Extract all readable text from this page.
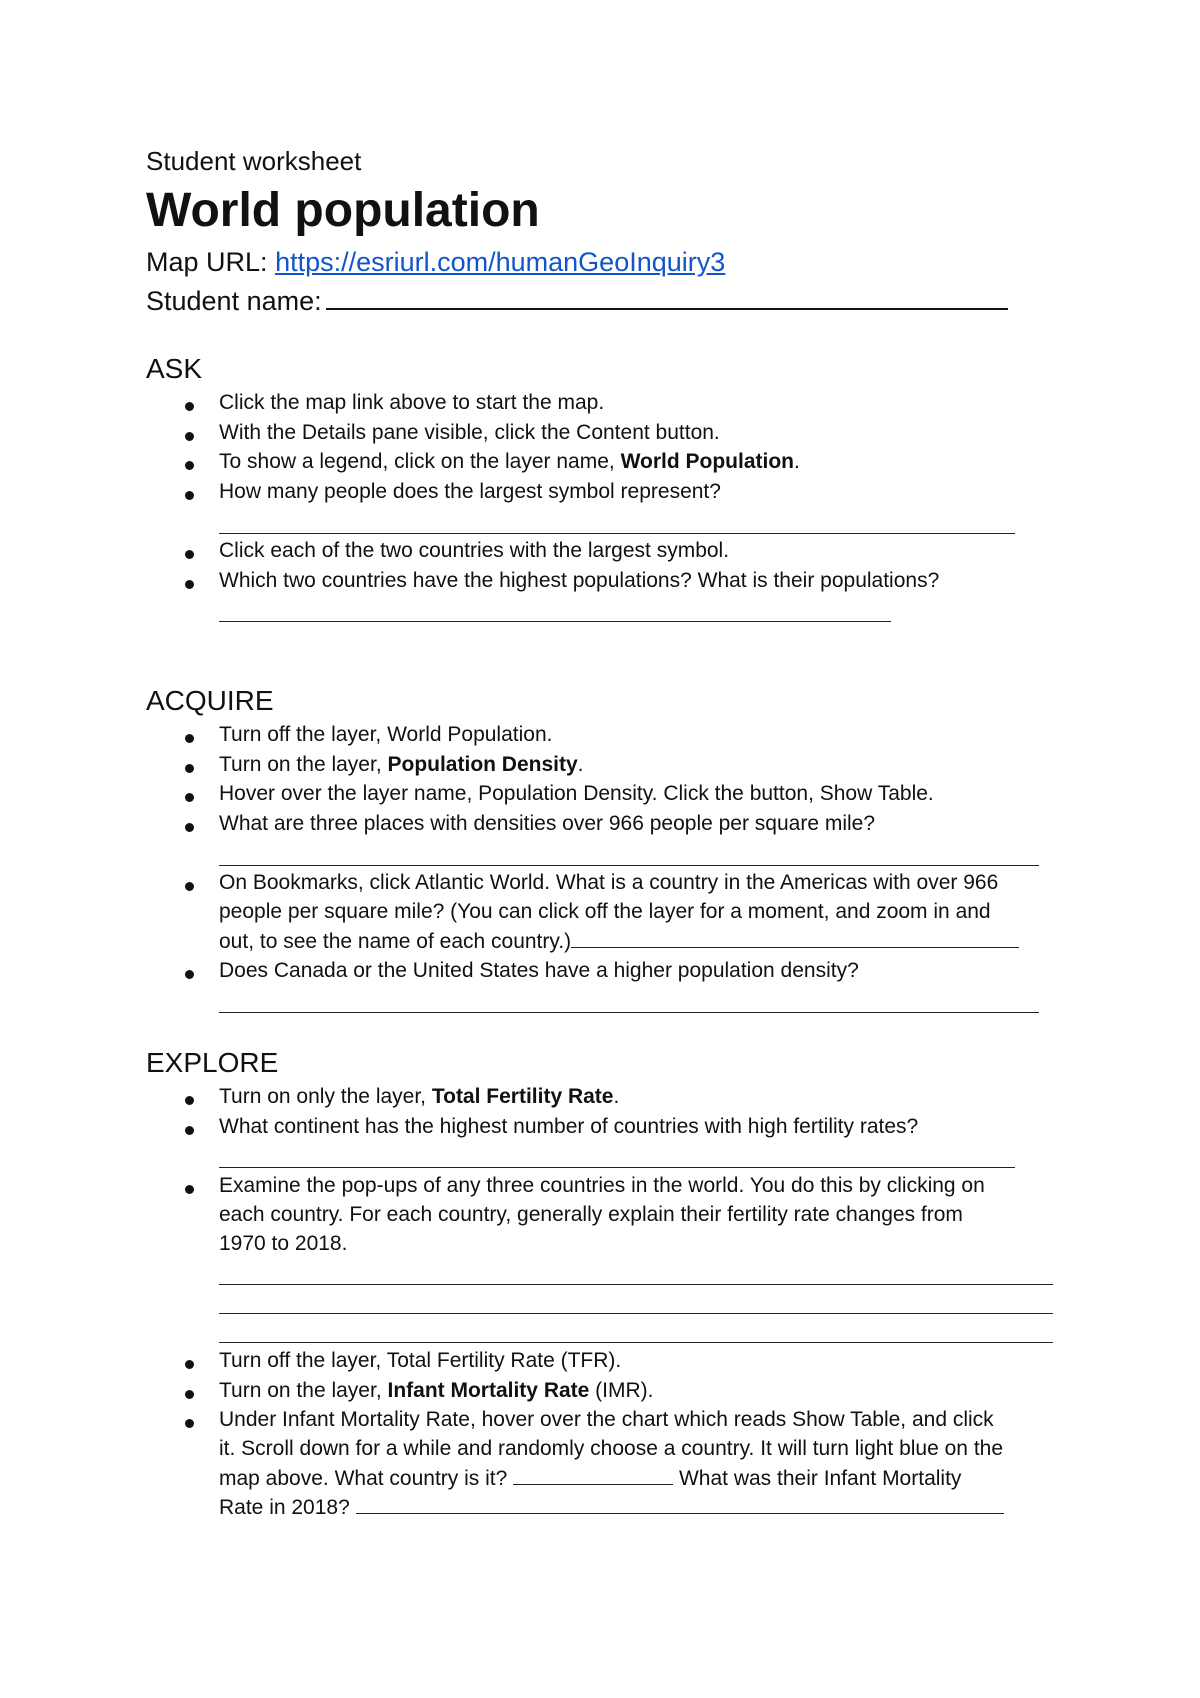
Student worksheet
World population
Map URL: https://esriurl.com/humanGeoInquiry3
Student name:
ASK
Click the map link above to start the map.
With the Details pane visible, click the Content button.
To show a legend, click on the layer name, World Population.
How many people does the largest symbol represent?
Click each of the two countries with the largest symbol.
Which two countries have the highest populations? What is their populations?
ACQUIRE
Turn off the layer, World Population.
Turn on the layer, Population Density.
Hover over the layer name, Population Density. Click the button, Show Table.
What are three places with densities over 966 people per square mile?
On Bookmarks, click Atlantic World. What is a country in the Americas with over 966
people per square mile? (You can click off the layer for a moment, and zoom in and
out, to see the name of each country.)
Does Canada or the United States have a higher population density?
EXPLORE
Turn on only the layer, Total Fertility Rate.
What continent has the highest number of countries with high fertility rates?
Examine the pop-ups of any three countries in the world. You do this by clicking on
each country. For each country, generally explain their fertility rate changes from
1970 to 2018.
Turn off the layer, Total Fertility Rate (TFR).
Turn on the layer, Infant Mortality Rate (IMR).
Under Infant Mortality Rate, hover over the chart which reads Show Table, and click
it. Scroll down for a while and randomly choose a country. It will turn light blue on the
map above. What country is it?	What was their Infant Mortality
Rate in 2018?
